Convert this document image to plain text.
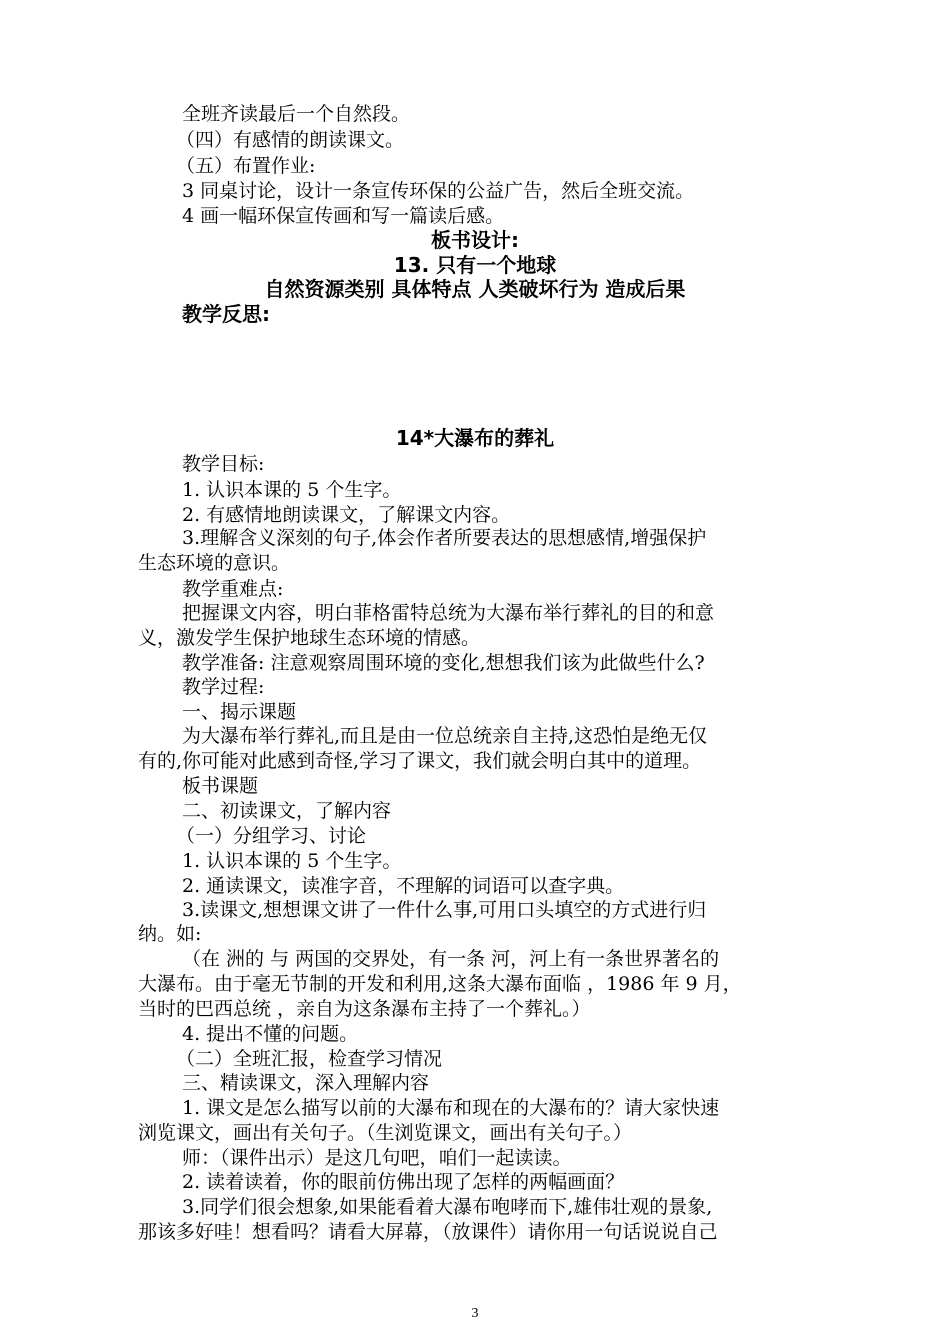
全班齐读最后一个自然段。
（四）有感情的朗读课文。
（五）布置作业:
3 同桌讨论，设计一条宣传环保的公益广告，然后全班交流。
4 画一幅环保宣传画和写一篇读后感。
板书设计:
13. 只有一个地球
自然资源类别 具体特点 人类破坏行为 造成后果
教学反思:
14*大瀑布的葬礼
教学目标:
1. 认识本课的 5 个生字。
2. 有感情地朗读课文，了解课文内容。
3.理解含义深刻的句子,体会作者所要表达的思想感情,增强保护
生态环境的意识。
教学重难点:
把握课文内容，明白菲格雷特总统为大瀑布举行葬礼的目的和意
义，激发学生保护地球生态环境的情感。
教学准备: 注意观察周围环境的变化,想想我们该为此做些什么?
教学过程:
一、揭示课题
为大瀑布举行葬礼,而且是由一位总统亲自主持,这恐怕是绝无仅
有的,你可能对此感到奇怪,学习了课文，我们就会明白其中的道理。
板书课题
二、初读课文，了解内容
（一）分组学习、讨论
1. 认识本课的 5 个生字。
2. 通读课文，读准字音，不理解的词语可以查字典。
3.读课文,想想课文讲了一件什么事,可用口头填空的方式进行归
纳。如:
（在 洲的 与 两国的交界处，有一条 河，河上有一条世界著名的
大瀑布。由于毫无节制的开发和利用,这条大瀑布面临 ，1986 年 9 月，
当时的巴西总统 ，亲自为这条瀑布主持了一个葬礼。）
4. 提出不懂的问题。
（二）全班汇报，检查学习情况
三、精读课文，深入理解内容
1. 课文是怎么描写以前的大瀑布和现在的大瀑布的？请大家快速
浏览课文，画出有关句子。（生浏览课文，画出有关句子。）
师：（课件出示）是这几句吧，咱们一起读读。
2. 读着读着，你的眼前仿佛出现了怎样的两幅画面？
3.同学们很会想象,如果能看着大瀑布咆哮而下,雄伟壮观的景象,
那该多好哇！想看吗？请看大屏幕，（放课件）请你用一句话说说自己
3
